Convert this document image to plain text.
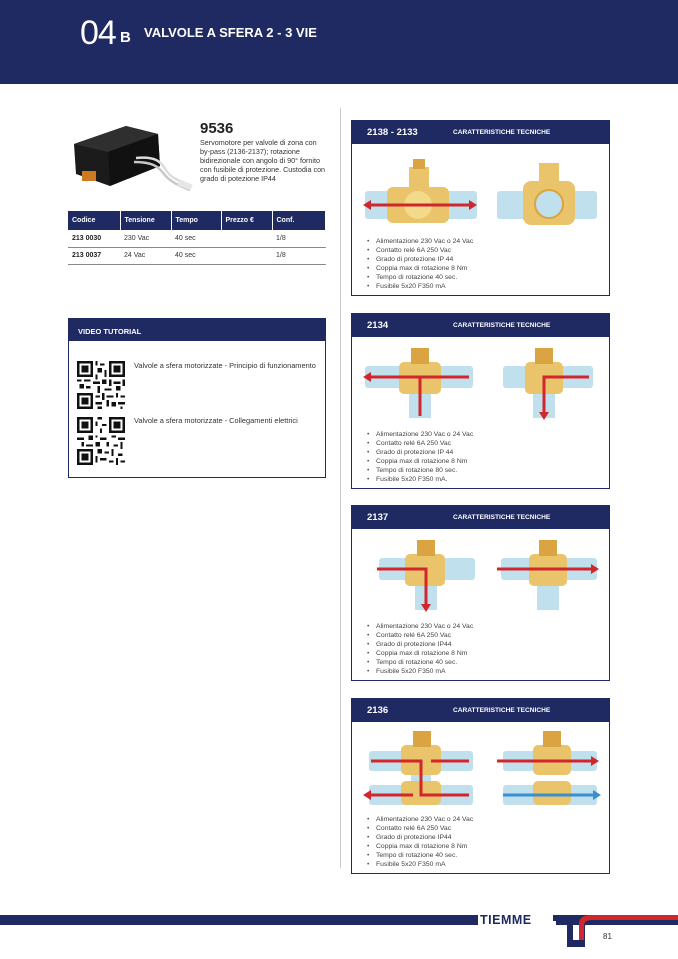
04 B VALVOLE A SFERA 2 - 3 VIE
9536
Servomotore per valvole di zona con by-pass (2136-2137); rotazione bidirezionale con angolo di 90° fornito con fusibile di protezione. Custodia con grado di potezione IP44
Codice	Tensione	Tempo	Prezzo €	Conf.
213 0030	230 Vac	40 sec		1/8
213 0037	24 Vac	40 sec		1/8
VIDEO TUTORIAL
Valvole a sfera motorizzate - Principio di funzionamento
Valvole a sfera motorizzate - Collegamenti elettrici
2138 - 2133	CARATTERISTICHE TECNICHE
• Alimentazione 230 Vac o 24 Vac
• Contatto relé 6A 250 Vac
• Grado di protezione IP 44
• Coppia max di rotazione 8 Nm
• Tempo di rotazione 40 sec.
• Fusibile 5x20 F350 mA
2134	CARATTERISTICHE TECNICHE
• Alimentazione 230 Vac o 24 Vac
• Contatto relé 6A 250 Vac
• Grado di protezione IP 44
• Coppia max di rotazione 8 Nm
• Tempo di rotazione 80 sec.
• Fusibile 5x20 F350 mA.
2137	CARATTERISTICHE TECNICHE
• Alimentazione 230 Vac o 24 Vac
• Contatto relé 6A 250 Vac
• Grado di protezione IP44
• Coppia max di rotazione 8 Nm
• Tempo di rotazione 40 sec.
• Fusibile 5x20 F350 mA
2136	CARATTERISTICHE TECNICHE
• Alimentazione 230 Vac o 24 Vac
• Contatto relé 6A 250 Vac
• Grado di protezione IP44
• Coppia max di rotazione 8 Nm
• Tempo di rotazione 40 sec.
• Fusibile 5x20 F350 mA
TIEMME
81
